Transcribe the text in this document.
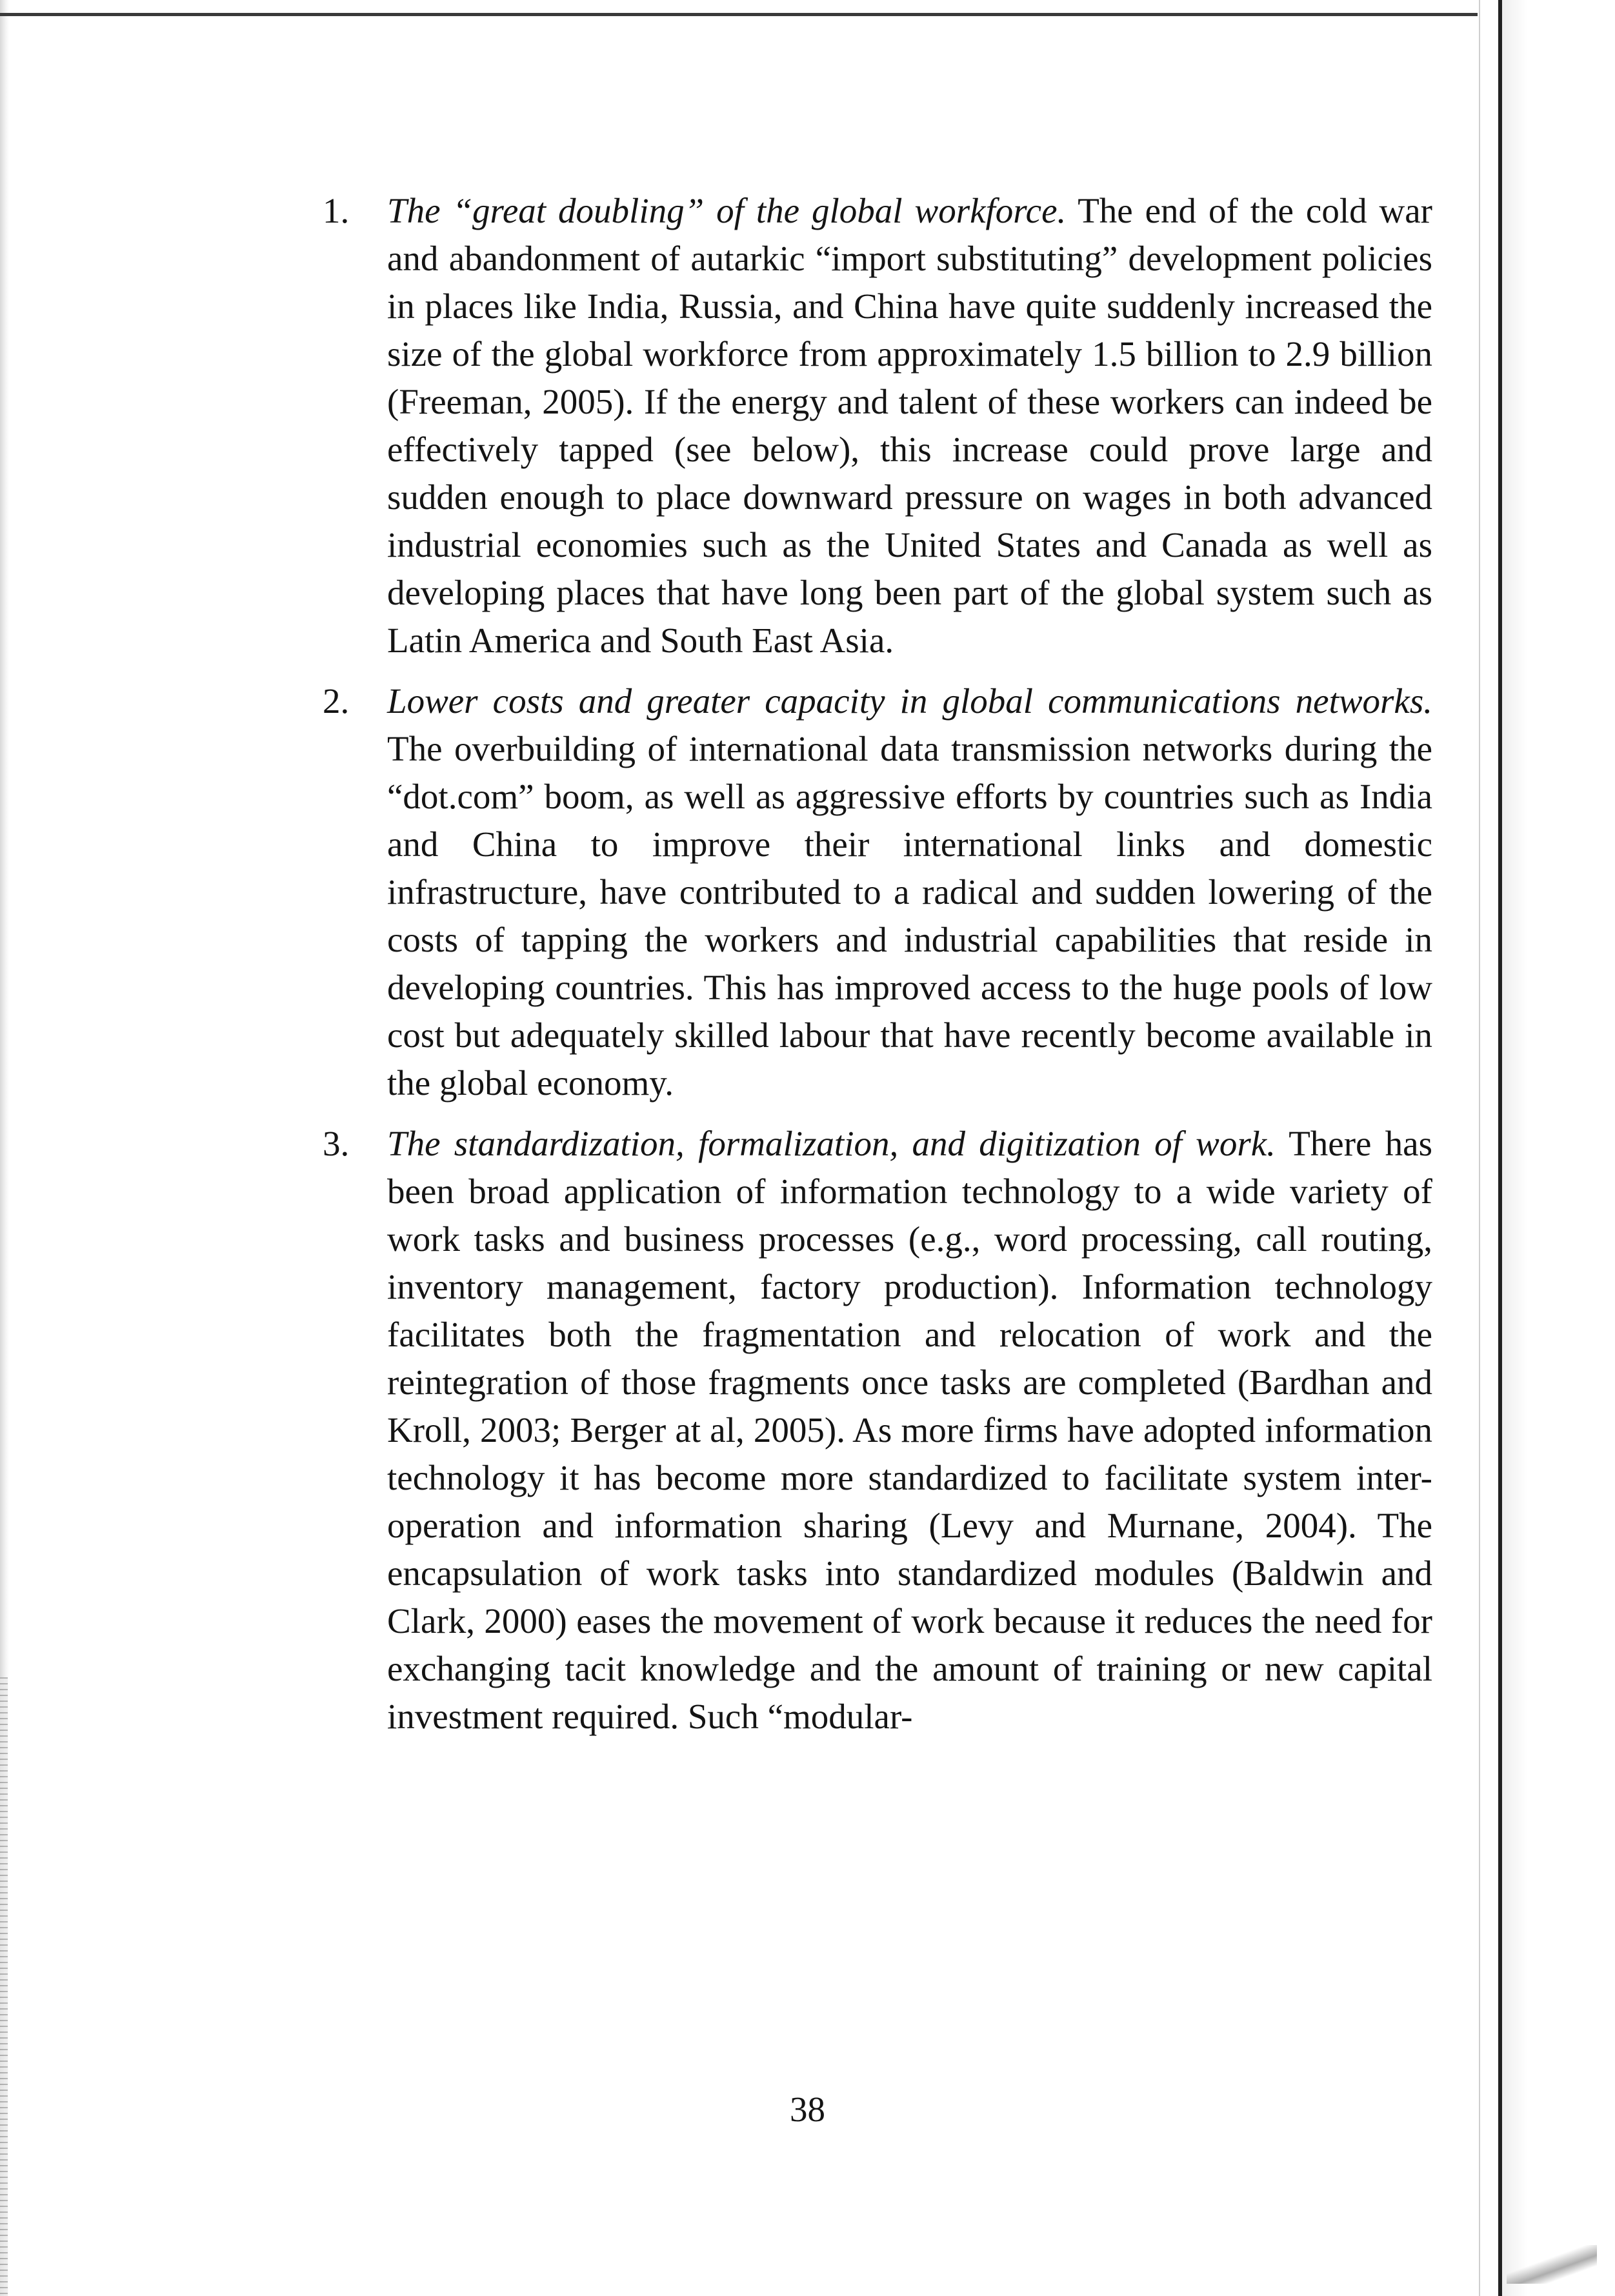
1. The “great doubling” of the global workforce. The end of the cold war and abandonment of autarkic “import substituting” development policies in places like India, Russia, and China have quite suddenly increased the size of the global workforce from approximately 1.5 billion to 2.9 billion (Freeman, 2005). If the energy and talent of these workers can indeed be effectively tapped (see below), this increase could prove large and sudden enough to place downward pressure on wages in both advanced industrial economies such as the United States and Canada as well as developing places that have long been part of the global system such as Latin America and South East Asia.

2. Lower costs and greater capacity in global communications networks. The overbuilding of international data transmission networks during the “dot.com” boom, as well as aggressive efforts by countries such as India and China to improve their international links and domestic infrastructure, have contributed to a radical and sudden lowering of the costs of tapping the workers and industrial capabilities that reside in developing countries. This has improved access to the huge pools of low cost but adequately skilled labour that have recently become available in the global economy.

3. The standardization, formalization, and digitization of work. There has been broad application of information technology to a wide variety of work tasks and business processes (e.g., word processing, call routing, inventory management, factory production). Information technology facilitates both the fragmentation and relocation of work and the reintegration of those fragments once tasks are completed (Bardhan and Kroll, 2003; Berger at al, 2005). As more firms have adopted information technology it has become more standardized to facilitate system inter-operation and information sharing (Levy and Murnane, 2004). The encapsulation of work tasks into standardized modules (Baldwin and Clark, 2000) eases the movement of work because it reduces the need for exchanging tacit knowledge and the amount of training or new capital investment required. Such “modular-

38
